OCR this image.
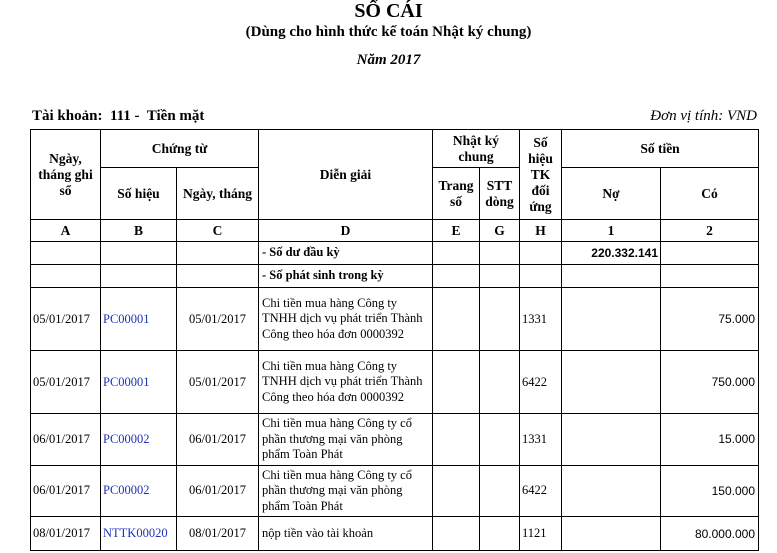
SỔ CÁI
(Dùng cho hình thức kế toán Nhật ký chung)
Năm 2017
Tài khoản:  111 -  Tiền mặt	Đơn vị tính: VND
Ngày, tháng ghi sổ	Chứng từ		Diễn giải	Nhật ký chung		Số hiệu TK đối ứng	Số tiền	
	Số hiệu	Ngày, tháng		Trang số	STT dòng		Nợ	Có
A	B	C	D	E	G	H	1	2
			- Số dư đầu kỳ				220.332.141	
			- Số phát sinh trong kỳ					
05/01/2017	PC00001	05/01/2017	Chi tiền mua hàng Công ty TNHH dịch vụ phát triển Thành Công theo hóa đơn 0000392			1331		75.000
05/01/2017	PC00001	05/01/2017	Chi tiền mua hàng Công ty TNHH dịch vụ phát triển Thành Công theo hóa đơn 0000392			6422		750.000
06/01/2017	PC00002	06/01/2017	Chi tiền mua hàng Công ty cổ phần thương mại văn phòng phẩm Toàn Phát			1331		15.000
06/01/2017	PC00002	06/01/2017	Chi tiền mua hàng Công ty cổ phần thương mại văn phòng phẩm Toàn Phát			6422		150.000
08/01/2017	NTTK00020	08/01/2017	nộp tiền vào tài khoản			1121		80.000.000
